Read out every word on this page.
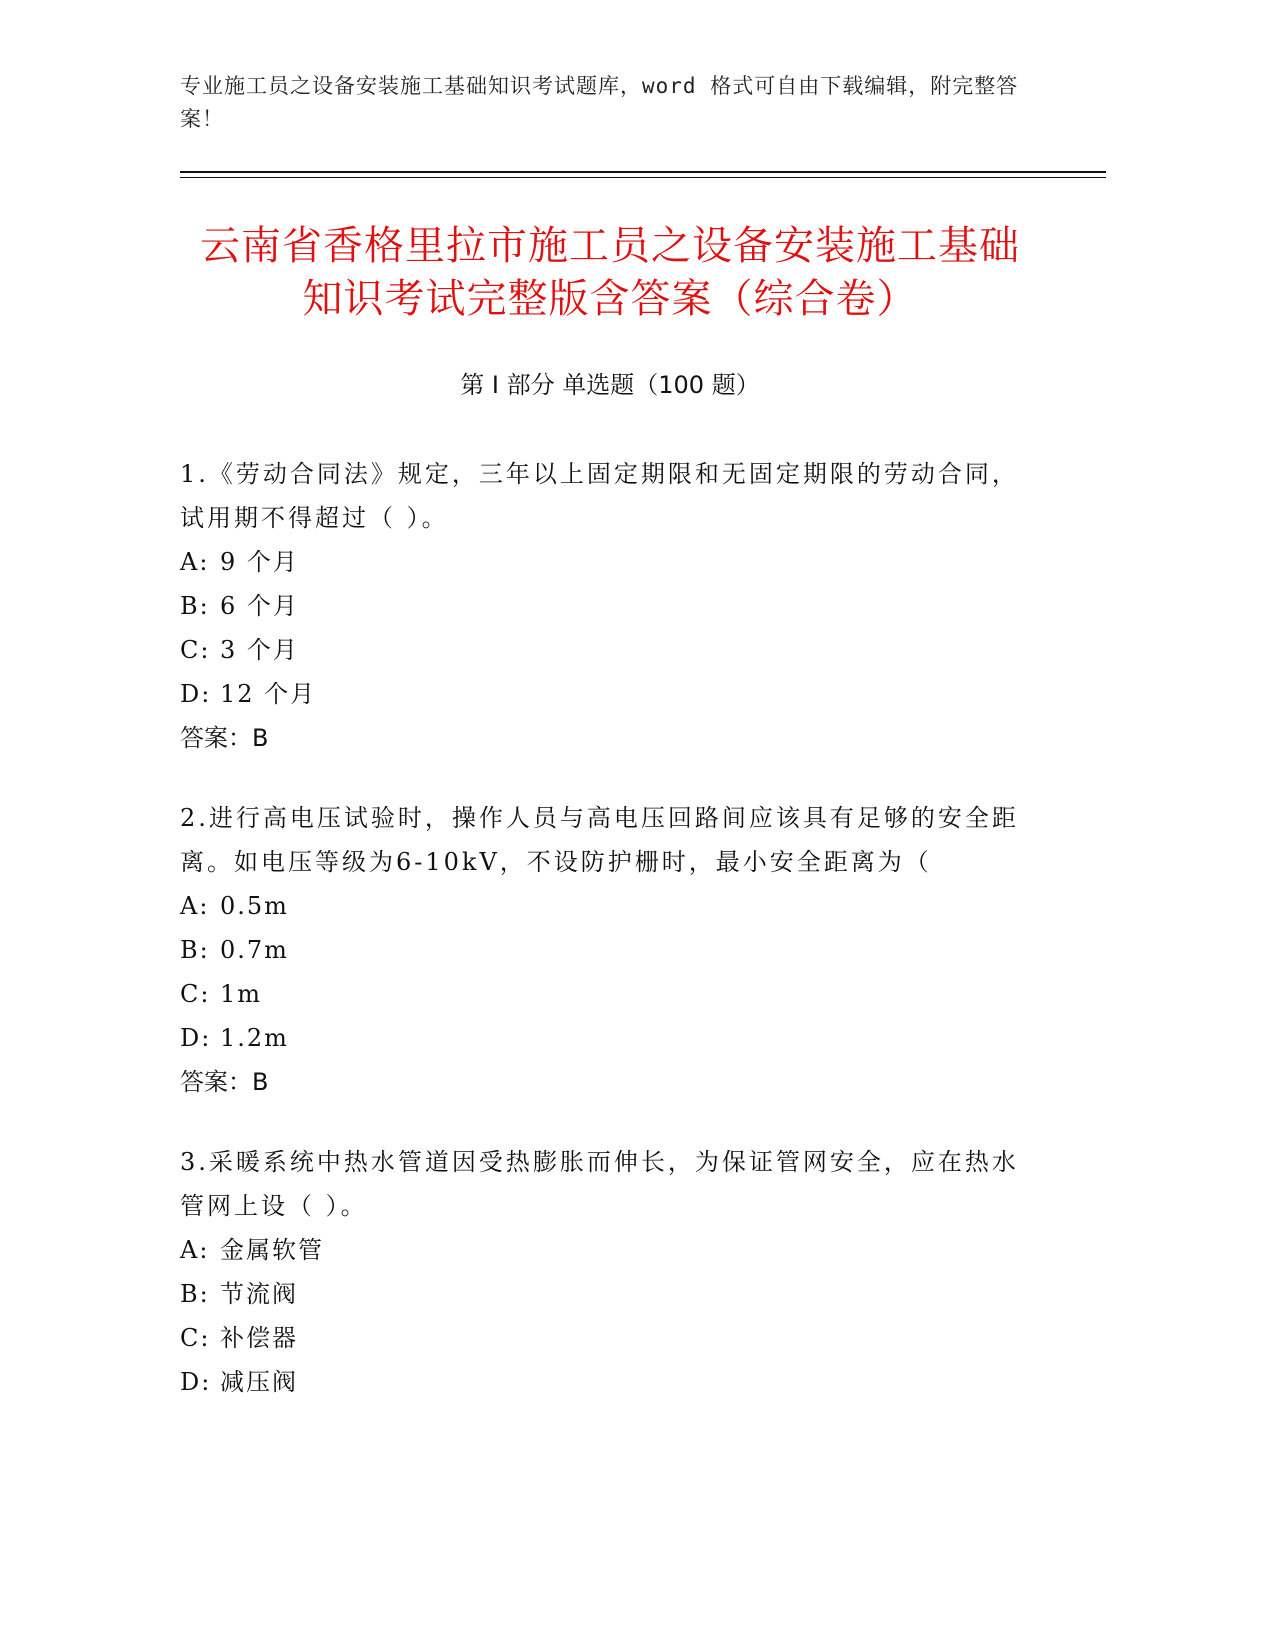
专业施工员之设备安装施工基础知识考试题库，word 格式可自由下载编辑，附完整答案！
云南省香格里拉市施工员之设备安装施工基础知识考试完整版含答案（综合卷）
第 I 部分 单选题（100 题）

1.《劳动合同法》规定，三年以上固定期限和无固定期限的劳动合同，试用期不得超过（ ）。

A: 9 个月

B: 6 个月

C: 3 个月

D: 12 个月

答案：B

2.进行高电压试验时，操作人员与高电压回路间应该具有足够的安全距离。如电压等级为6-10kV，不设防护栅时，最小安全距离为（

A: 0.5m

B: 0.7m

C: 1m

D: 1.2m

答案：B

3.采暖系统中热水管道因受热膨胀而伸长，为保证管网安全，应在热水管网上设（ ）。

A: 金属软管

B: 节流阀

C: 补偿器

D: 减压阀
